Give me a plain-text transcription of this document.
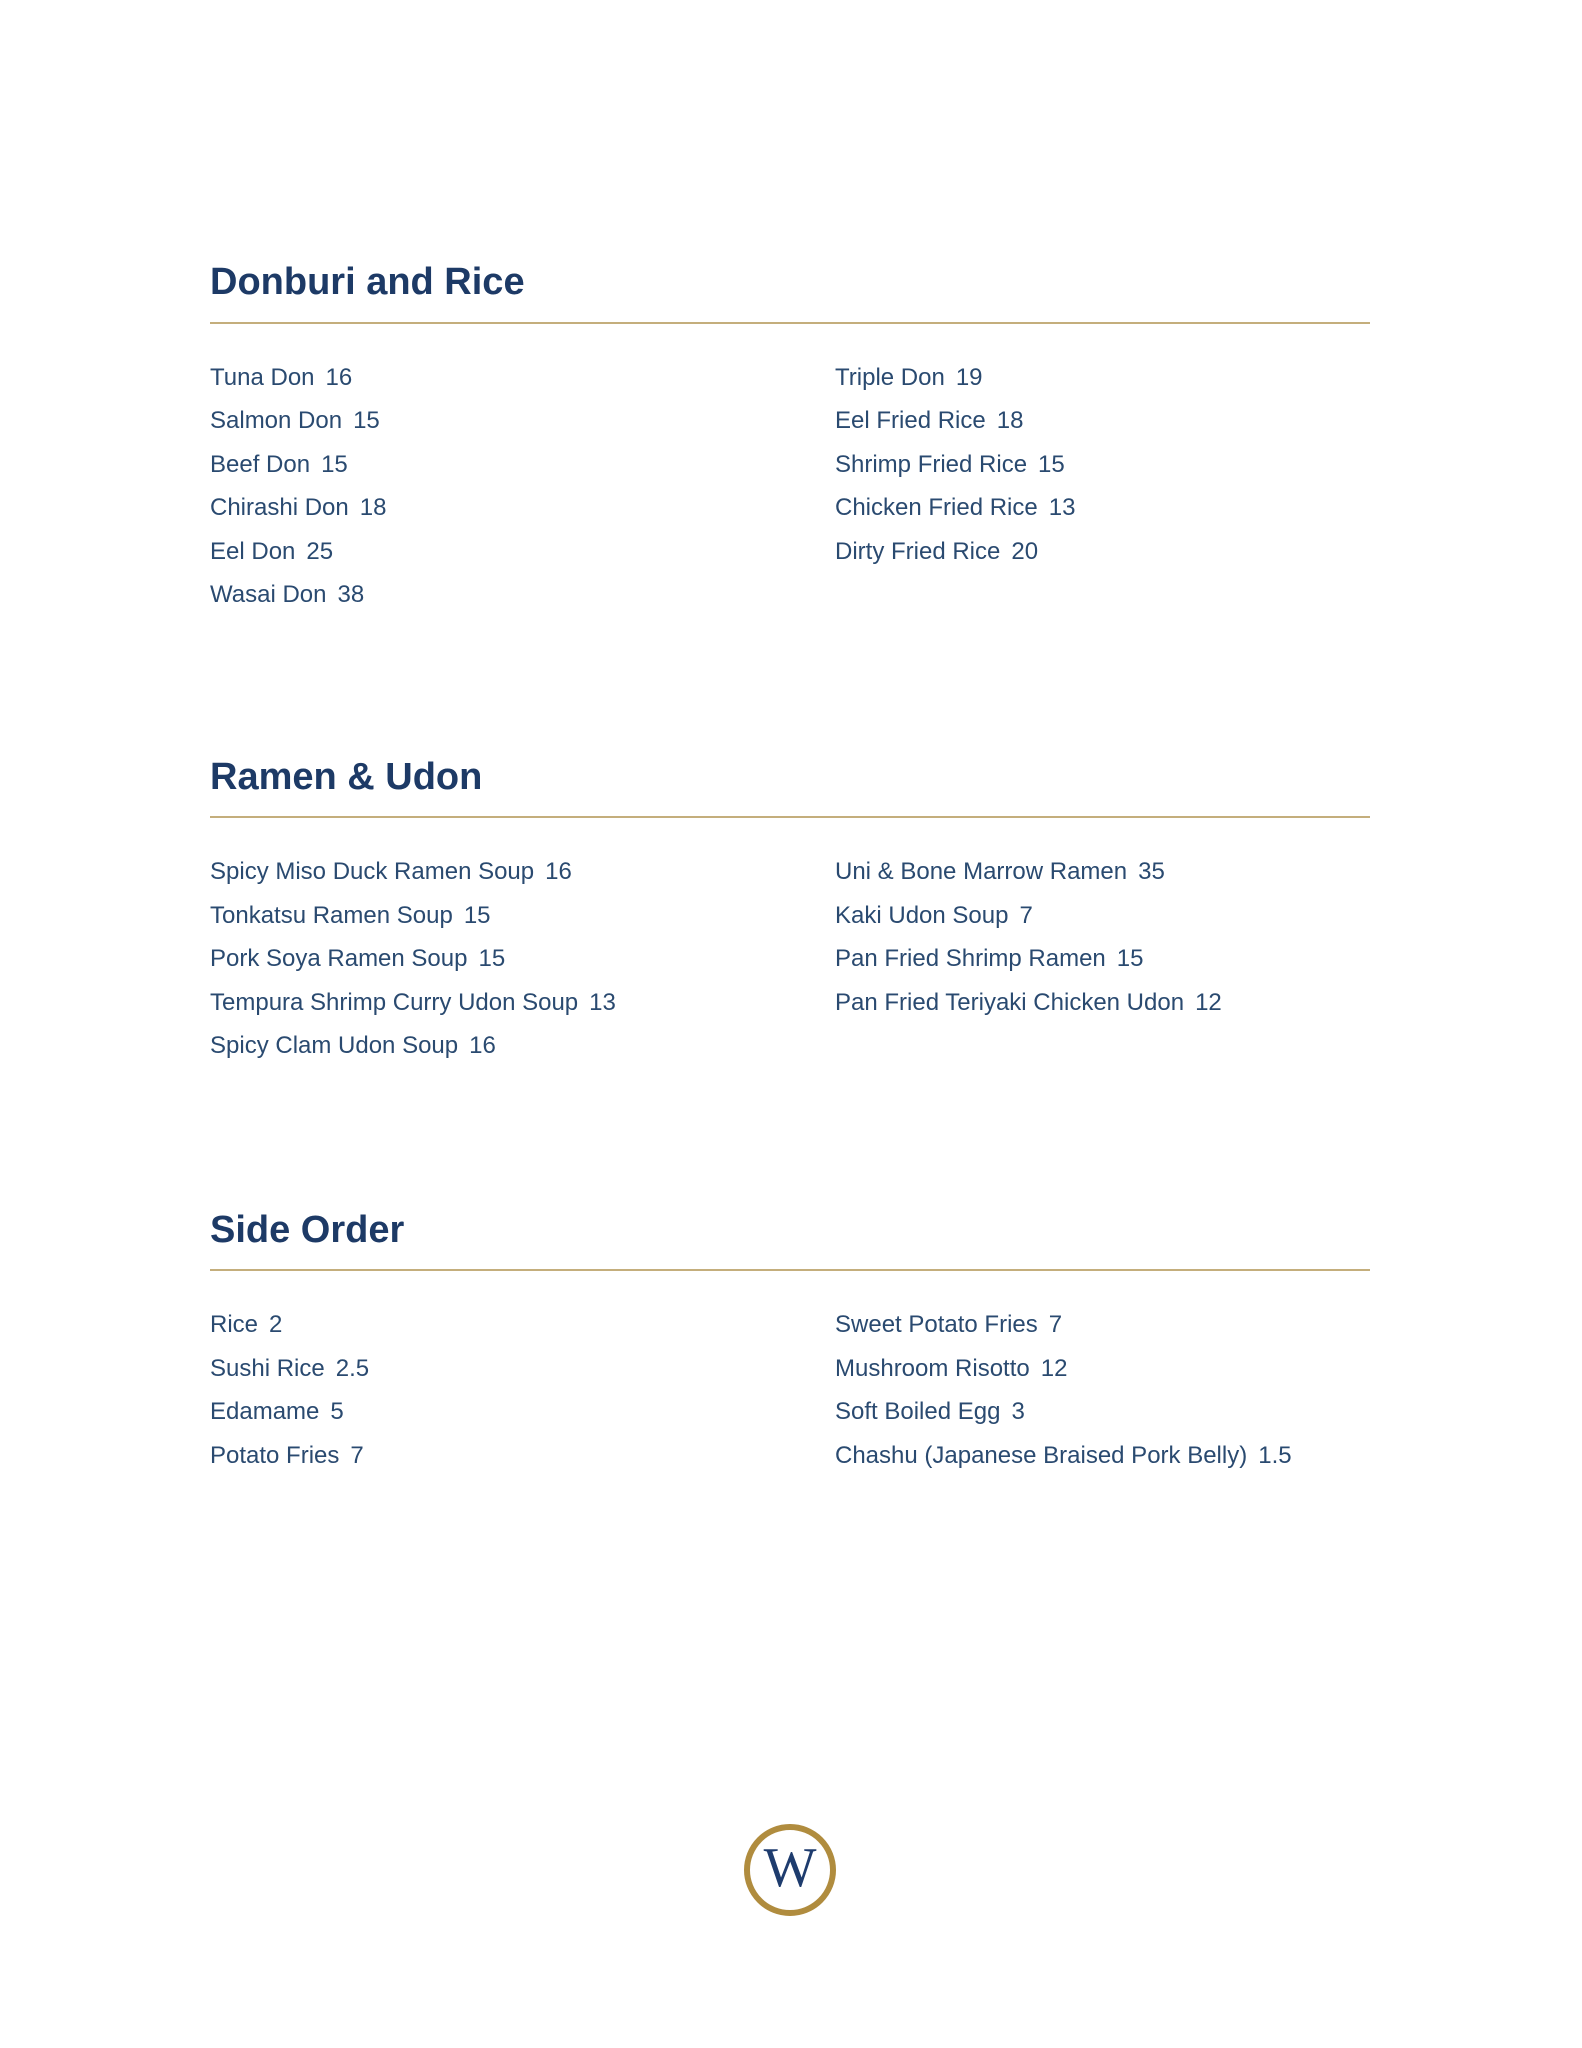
Donburi and Rice
Tuna Don 16
Salmon Don 15
Beef Don 15
Chirashi Don 18
Eel Don 25
Wasai Don 38
Triple Don 19
Eel Fried Rice 18
Shrimp Fried Rice 15
Chicken Fried Rice 13
Dirty Fried Rice 20
Ramen & Udon
Spicy Miso Duck Ramen Soup 16
Tonkatsu Ramen Soup 15
Pork Soya Ramen Soup 15
Tempura Shrimp Curry Udon Soup 13
Spicy Clam Udon Soup 16
Uni & Bone Marrow Ramen 35
Kaki Udon Soup 7
Pan Fried Shrimp Ramen 15
Pan Fried Teriyaki Chicken Udon 12
Side Order
Rice 2
Sushi Rice 2.5
Edamame 5
Potato Fries 7
Sweet Potato Fries 7
Mushroom Risotto 12
Soft Boiled Egg 3
Chashu (Japanese Braised Pork Belly) 1.5
W
